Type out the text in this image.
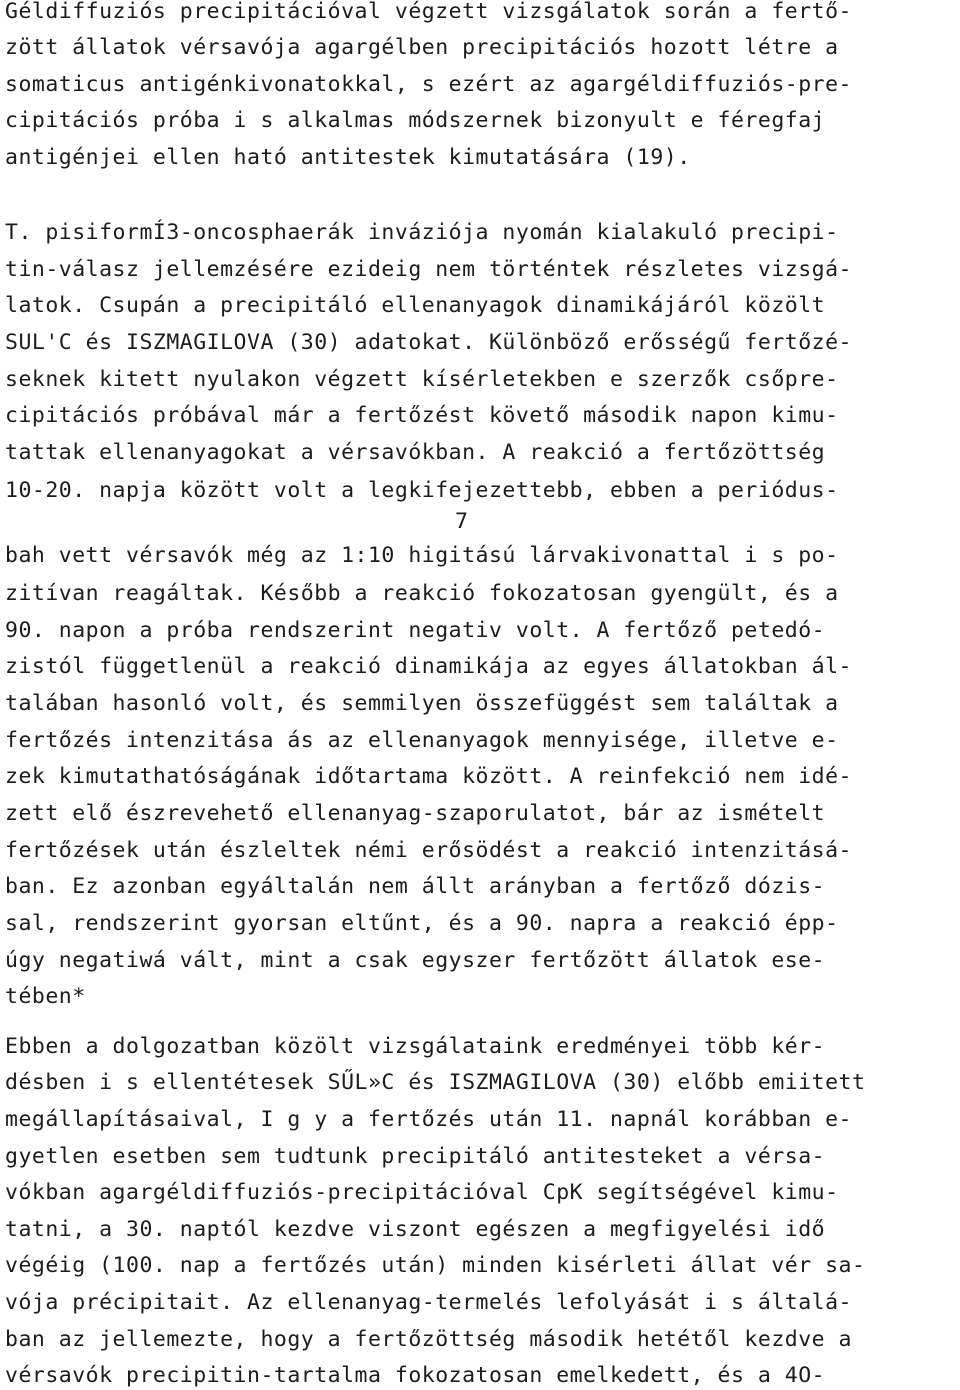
Géldiffuziós precipitációval végzett vizsgálatok során a fertő-
zött állatok vérsavója agargélben precipitációs hozott létre a
somaticus antigénkivonatokkal, s ezért az agargéldiffuziós-pre-
cipitációs próba i s alkalmas módszernek bizonyult e féregfaj
antigénjei ellen ható antitestek kimutatására (19).
T. pisiformÍ3-oncosphaerák inváziója nyomán kialakuló precipi-
tin-válasz jellemzésére ezideig nem történtek részletes vizsgá-
latok. Csupán a precipitáló ellenanyagok dinamikájáról közölt
SUL'C és ISZMAGILOVA (30) adatokat. Különböző erősségű fertőzé-
seknek kitett nyulakon végzett kísérletekben e szerzők csőpre-
cipitációs próbával már a fertőzést követő második napon kimu-
tattak ellenanyagokat a vérsavókban. A reakció a fertőzöttség
10-20. napja között volt a legkifejezettebb, ebben a periódus-
7
bah vett vérsavók még az 1:10 higitású lárvakivonattal i s po-
zitívan reagáltak. Később a reakció fokozatosan gyengült, és a
90. napon a próba rendszerint negativ volt. A fertőző petedó-
zistól függetlenül a reakció dinamikája az egyes állatokban ál-
talában hasonló volt, és semmilyen összefüggést sem találtak a
fertőzés intenzitása ás az ellenanyagok mennyisége, illetve e-
zek kimutathatóságának időtartama között. A reinfekció nem idé-
zett elő észrevehető ellenanyag-szaporulatot, bár az ismételt
fertőzések után észleltek némi erősödést a reakció intenzitásá-
ban. Ez azonban egyáltalán nem állt arányban a fertőző dózis-
sal, rendszerint gyorsan eltűnt, és a 90. napra a reakció épp-
úgy negatiwá vált, mint a csak egyszer fertőzött állatok ese-
tében*
Ebben a dolgozatban közölt vizsgálataink eredményei több kér-
désben i s ellentétesek SŰL»C és ISZMAGILOVA (30) előbb emiitett
megállapításaival, I g y a fertőzés után 11. napnál korábban e-
gyetlen esetben sem tudtunk precipitáló antitesteket a vérsa-
vókban agargéldiffuziós-precipitációval CpK segítségével kimu-
tatni, a 30. naptól kezdve viszont egészen a megfigyelési idő
végéig (100. nap a fertőzés után) minden kisérleti állat vér sa-
vója précipitait. Az ellenanyag-termelés lefolyását i s általá-
ban az jellemezte, hogy a fertőzöttség második hetétől kezdve a
vérsavók precipitin-tartalma fokozatosan emelkedett, és a 4O-
